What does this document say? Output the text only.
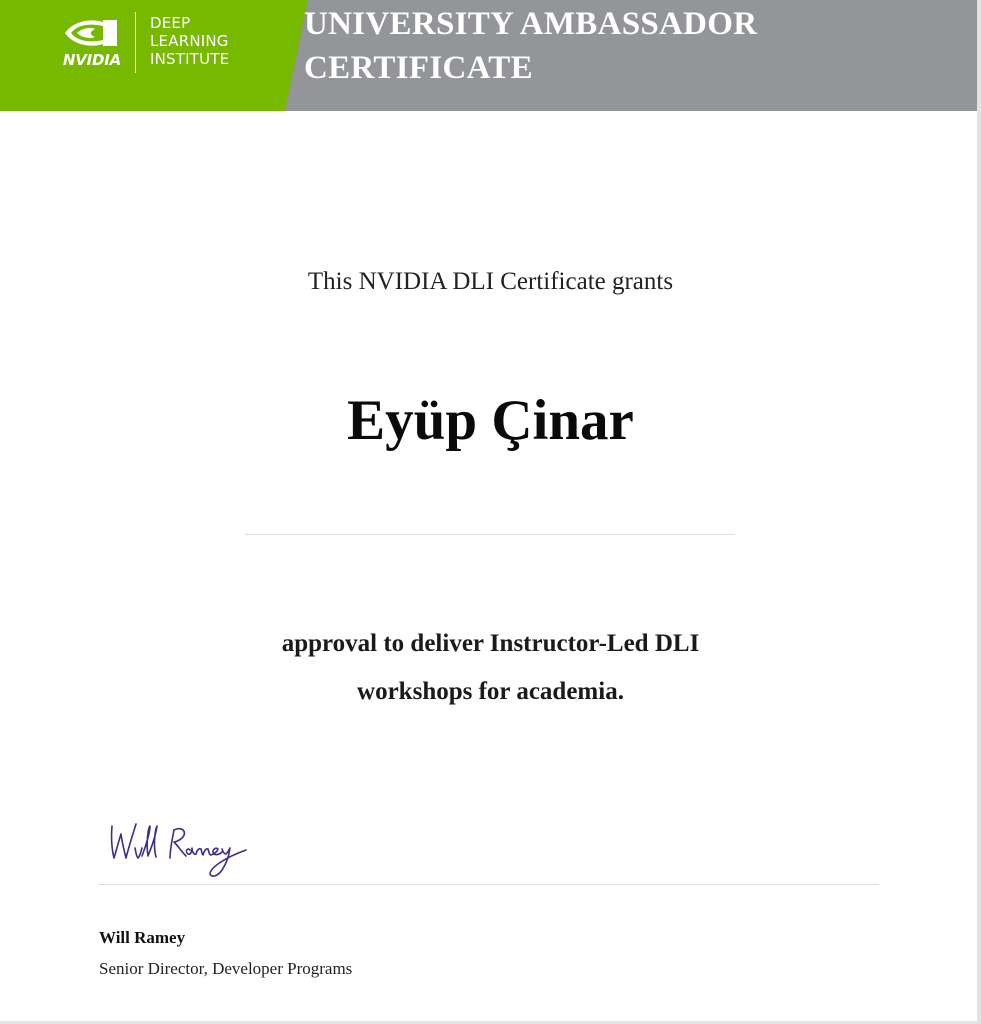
NVIDIA
DEEP
LEARNING
INSTITUTE
UNIVERSITY AMBASSADOR
CERTIFICATE
This NVIDIA DLI Certificate grants
Eyüp Çinar
approval to deliver Instructor-Led DLI
workshops for academia.
Will Ramey
Senior Director, Developer Programs
